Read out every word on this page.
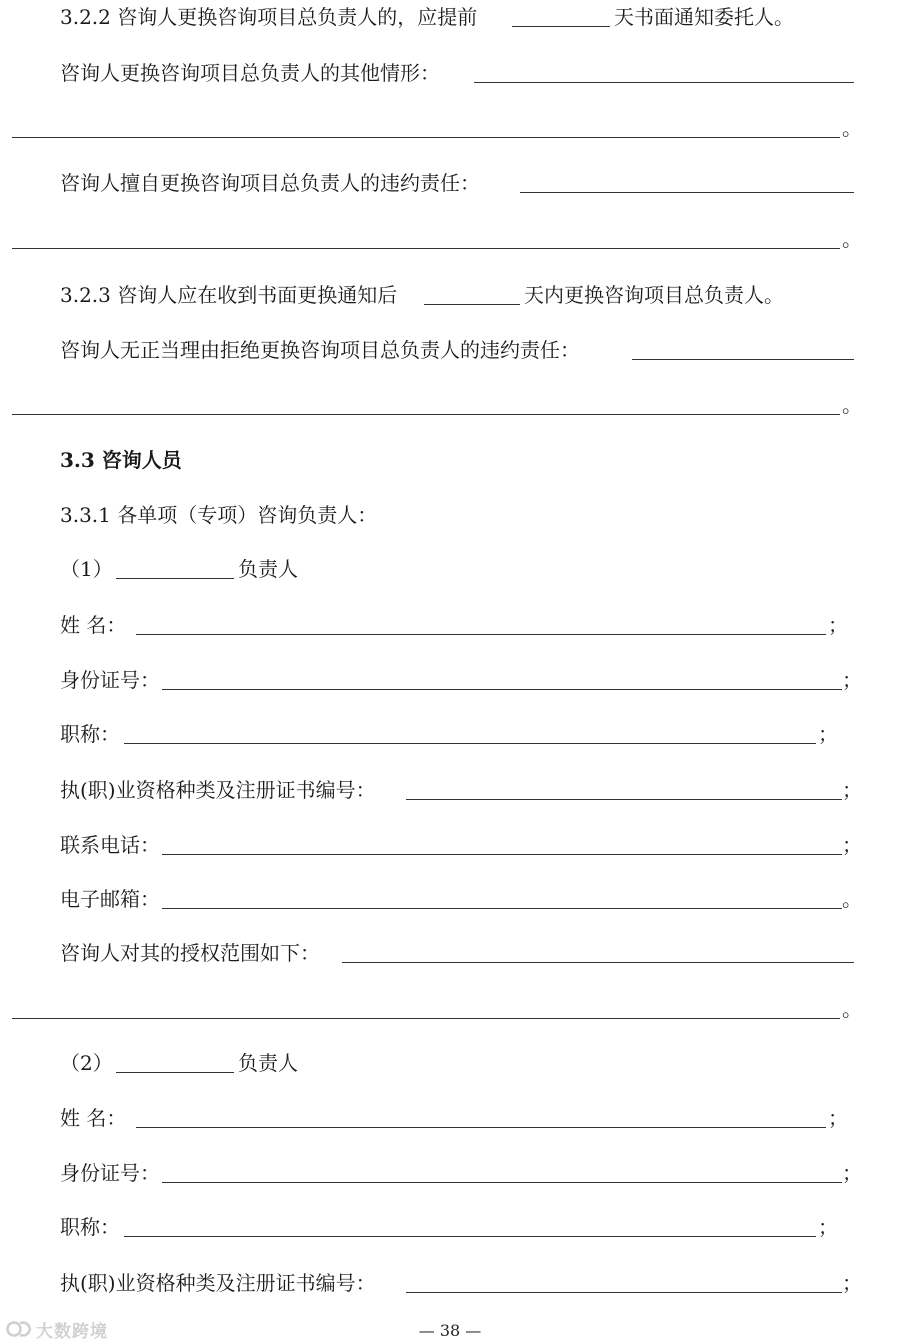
3.2.2 咨询人更换咨询项目总负责人的，应提前	天书面通知委托人。
咨询人更换咨询项目总负责人的其他情形：
。
咨询人擅自更换咨询项目总负责人的违约责任：
。
3.2.3 咨询人应在收到书面更换通知后	天内更换咨询项目总负责人。
咨询人无正当理由拒绝更换咨询项目总负责人的违约责任：
。
3.3 咨询人员
3.3.1 各单项（专项）咨询负责人：
（1）	负责人
姓 名：	；
身份证号：	；
职称：	；
执(职)业资格种类及注册证书编号：	；
联系电话：	；
电子邮箱：	。
咨询人对其的授权范围如下：
。
（2）	负责人
姓 名：	；
身份证号：	；
职称：	；
执(职)业资格种类及注册证书编号：	；
— 38 —
大数跨境
